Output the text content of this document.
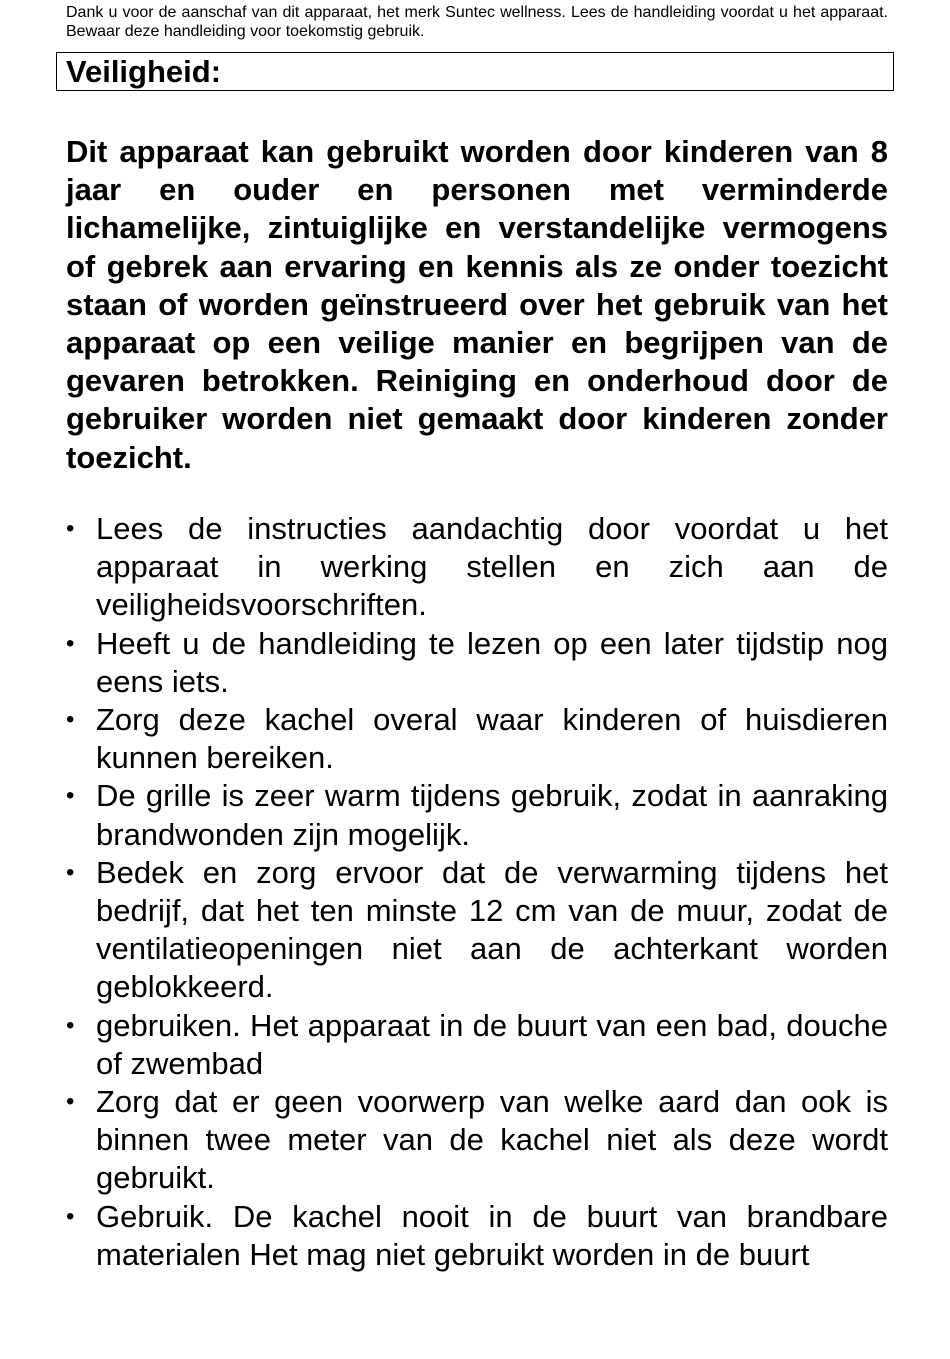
Dank u voor de aanschaf van dit apparaat, het merk Suntec wellness. Lees de handleiding voordat u het apparaat. Bewaar deze handleiding voor toekomstig gebruik.

Veiligheid:

Dit apparaat kan gebruikt worden door kinderen van 8 jaar en ouder en personen met verminderde lichamelijke, zintuiglijke en verstandelijke vermogens of gebrek aan ervaring en kennis als ze onder toezicht staan of worden geïnstrueerd over het gebruik van het apparaat op een veilige manier en begrijpen van de gevaren betrokken. Reiniging en onderhoud door de gebruiker worden niet gemaakt door kinderen zonder toezicht.

• Lees de instructies aandachtig door voordat u het apparaat in werking stellen en zich aan de veiligheidsvoorschriften.
• Heeft u de handleiding te lezen op een later tijdstip nog eens iets.
• Zorg deze kachel overal waar kinderen of huisdieren kunnen bereiken.
• De grille is zeer warm tijdens gebruik, zodat in aanraking brandwonden zijn mogelijk.
• Bedek en zorg ervoor dat de verwarming tijdens het bedrijf, dat het ten minste 12 cm van de muur, zodat de ventilatieopeningen niet aan de achterkant worden geblokkeerd.
• gebruiken. Het apparaat in de buurt van een bad, douche of zwembad
• Zorg dat er geen voorwerp van welke aard dan ook is binnen twee meter van de kachel niet als deze wordt gebruikt.
• Gebruik. De kachel nooit in de buurt van brandbare materialen Het mag niet gebruikt worden in de buurt
